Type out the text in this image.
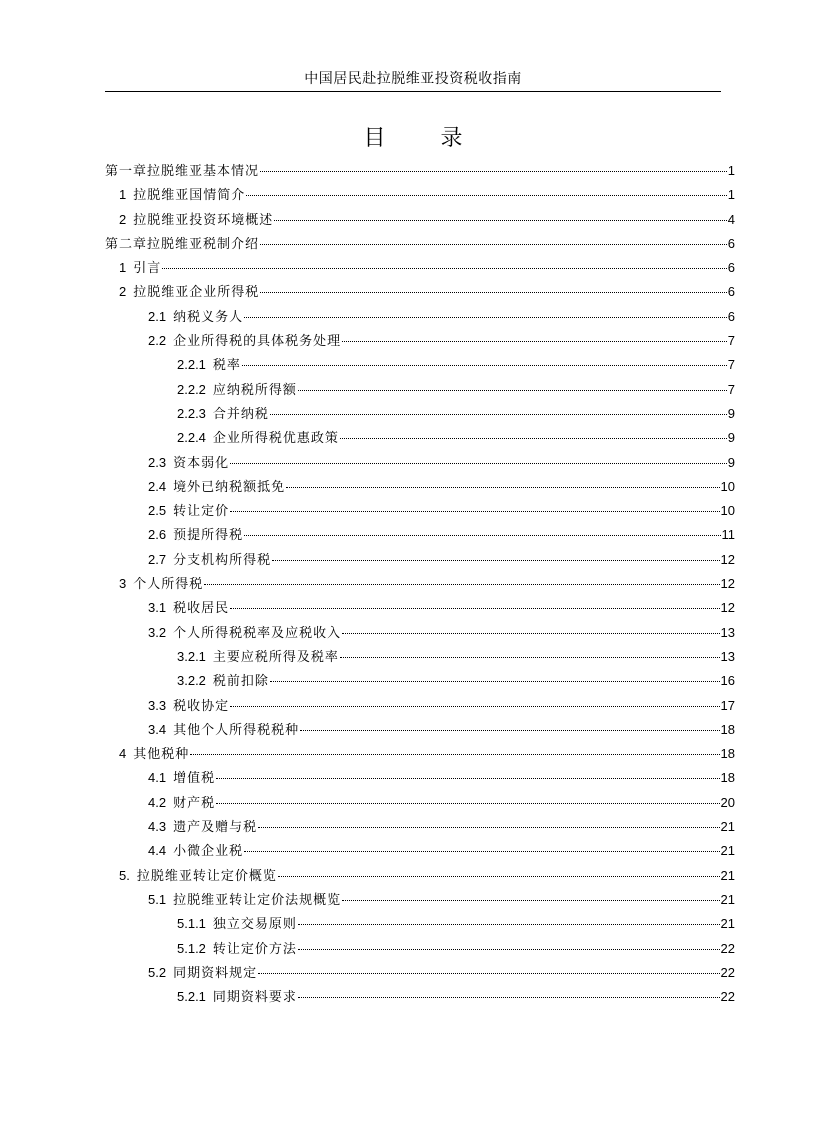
中国居民赴拉脱维亚投资税收指南
目 录
第一章拉脱维亚基本情况	1
1 拉脱维亚国情简介	1
2 拉脱维亚投资环境概述	4
第二章拉脱维亚税制介绍	6
1 引言	6
2 拉脱维亚企业所得税	6
2.1 纳税义务人	6
2.2 企业所得税的具体税务处理	7
2.2.1 税率	7
2.2.2 应纳税所得额	7
2.2.3 合并纳税	9
2.2.4 企业所得税优惠政策	9
2.3 资本弱化	9
2.4 境外已纳税额抵免	10
2.5 转让定价	10
2.6 预提所得税	11
2.7 分支机构所得税	12
3 个人所得税	12
3.1 税收居民	12
3.2 个人所得税税率及应税收入	13
3.2.1 主要应税所得及税率	13
3.2.2 税前扣除	16
3.3 税收协定	17
3.4 其他个人所得税税种	18
4 其他税种	18
4.1 增值税	18
4.2 财产税	20
4.3 遗产及赠与税	21
4.4 小微企业税	21
5. 拉脱维亚转让定价概览	21
5.1 拉脱维亚转让定价法规概览	21
5.1.1 独立交易原则	21
5.1.2 转让定价方法	22
5.2 同期资料规定	22
5.2.1 同期资料要求	22
